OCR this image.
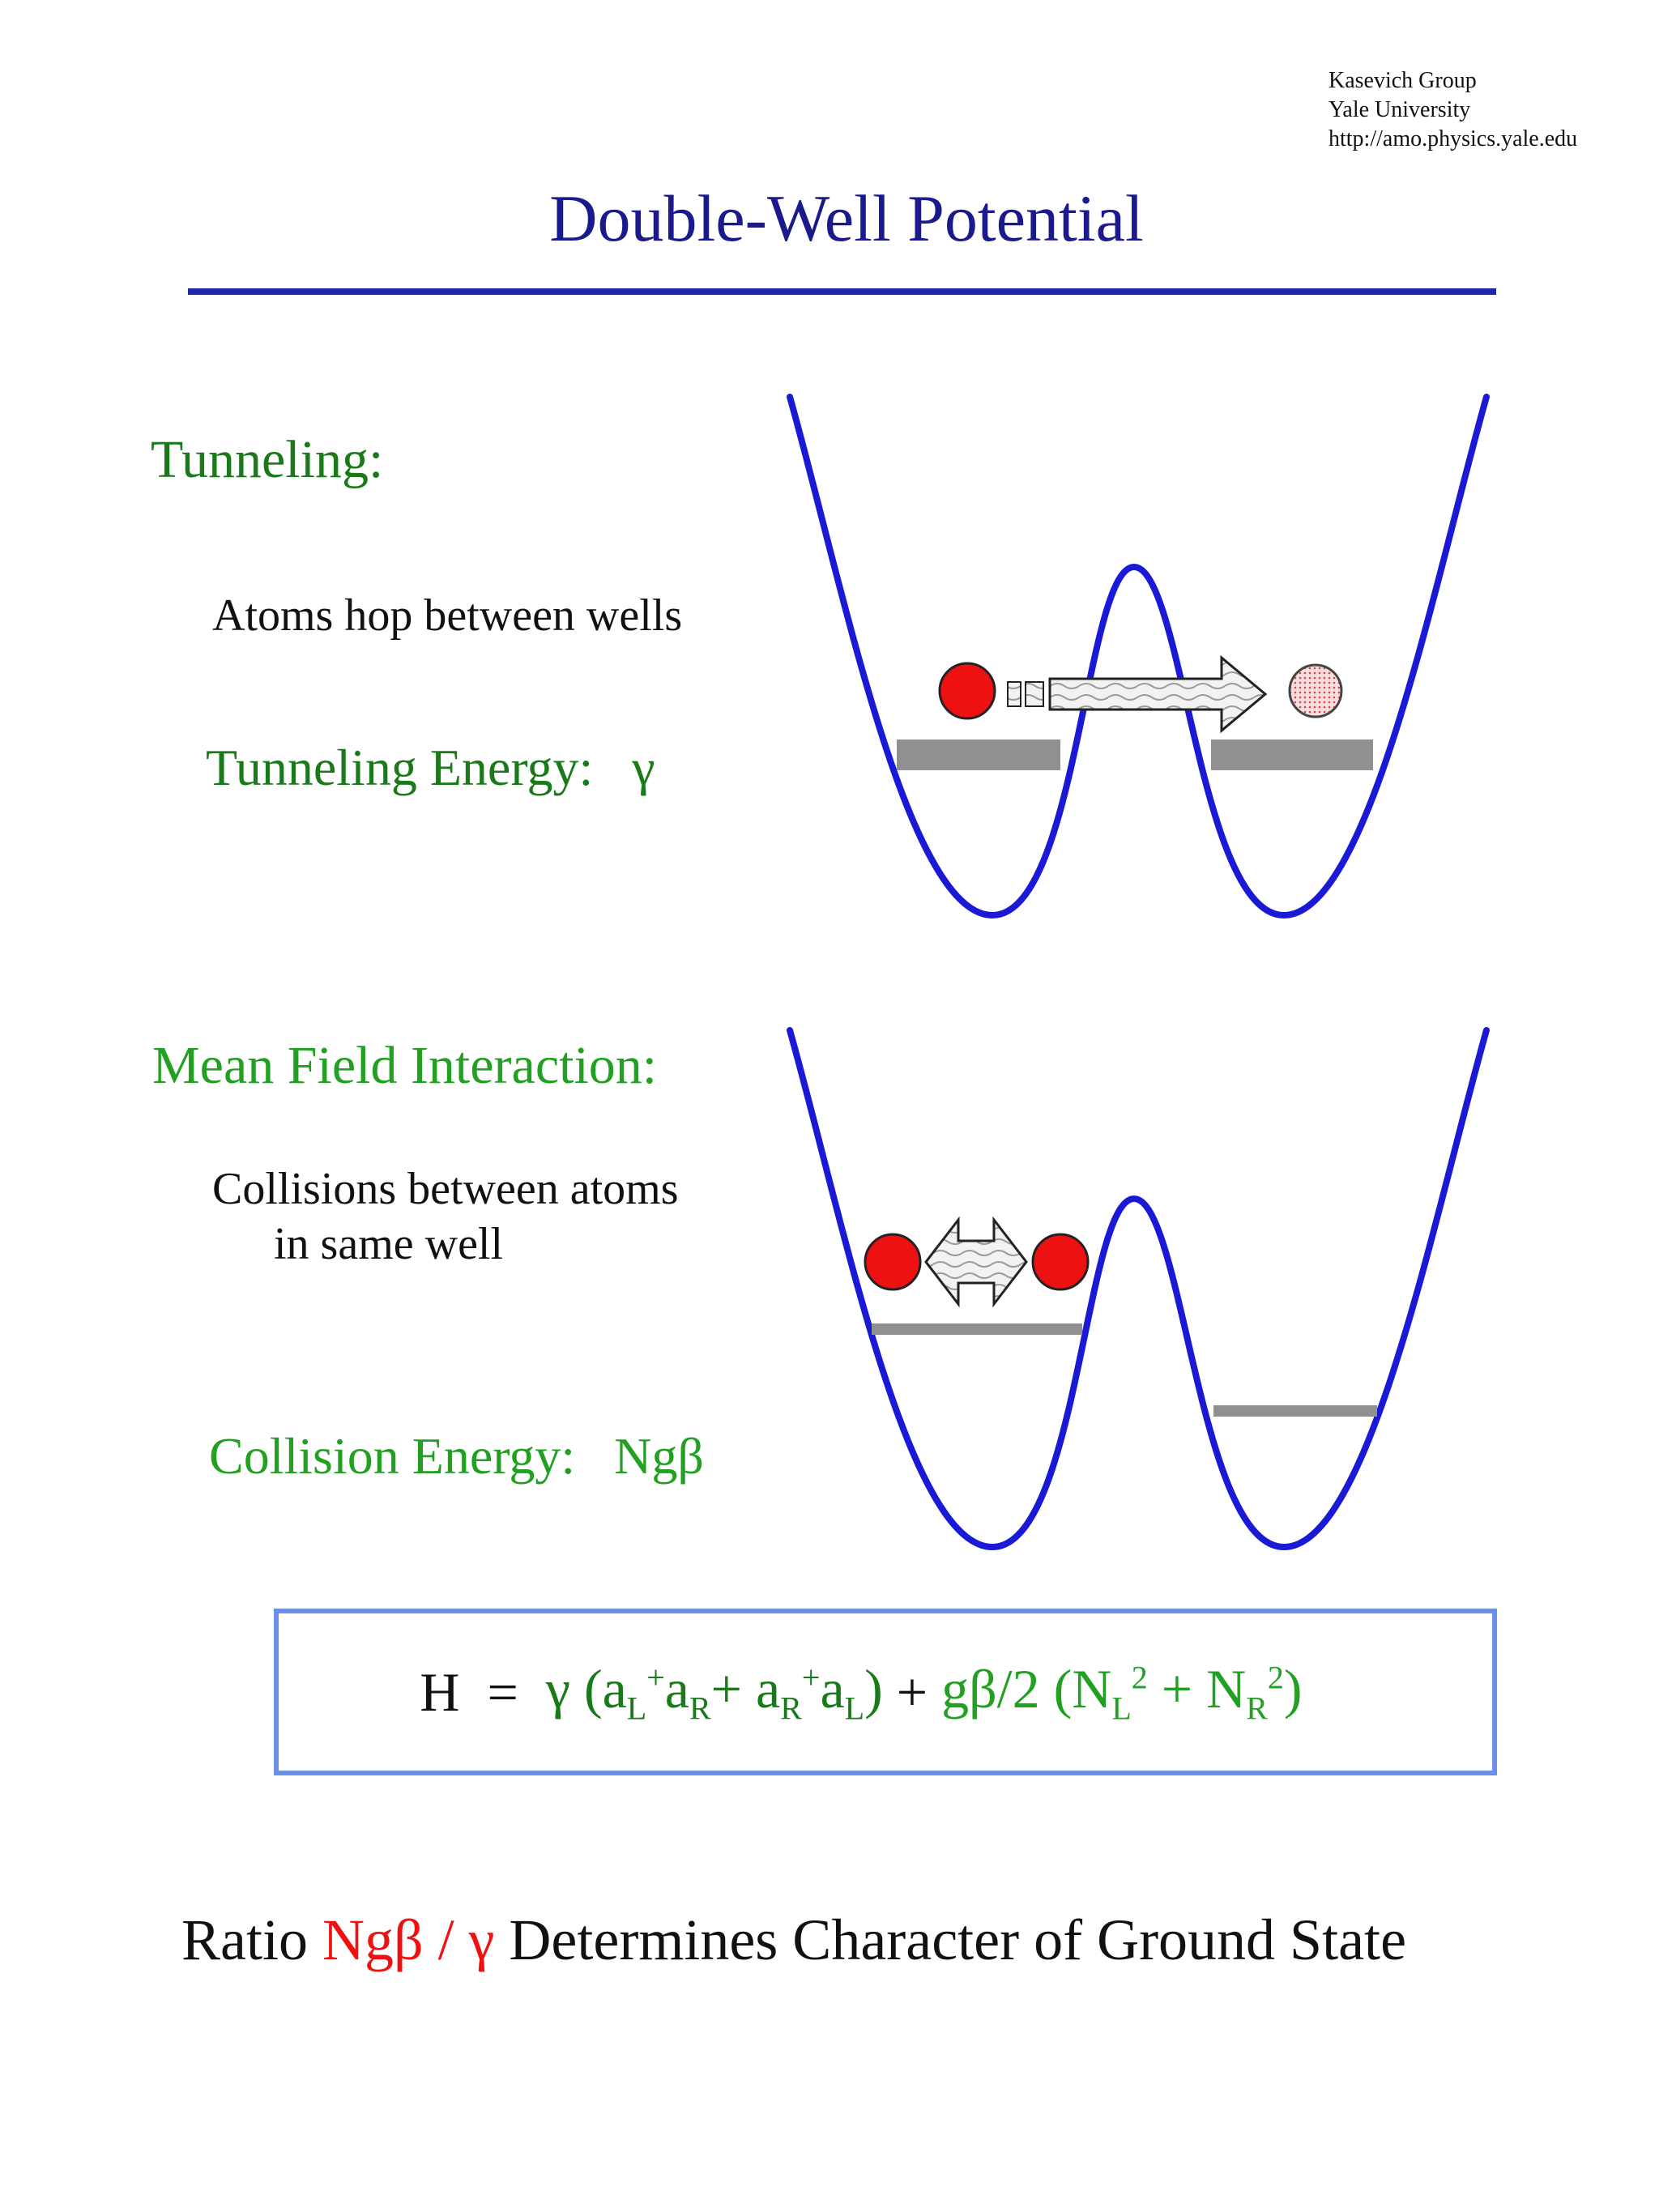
Kasevich Group
Yale University
http://amo.physics.yale.edu
Double-Well Potential
Tunneling:
Atoms hop between wells
Tunneling Energy: γ
Mean Field Interaction:
Collisions between atoms
in same well
Collision Energy: Ngβ
H
=
γ $(a_L^+a_R+ a_R^+a_L)$
+
gβ/2 $(N_L^2 + N_R^2)$
Ratio Ngβ / γ Determines Character of Ground State
